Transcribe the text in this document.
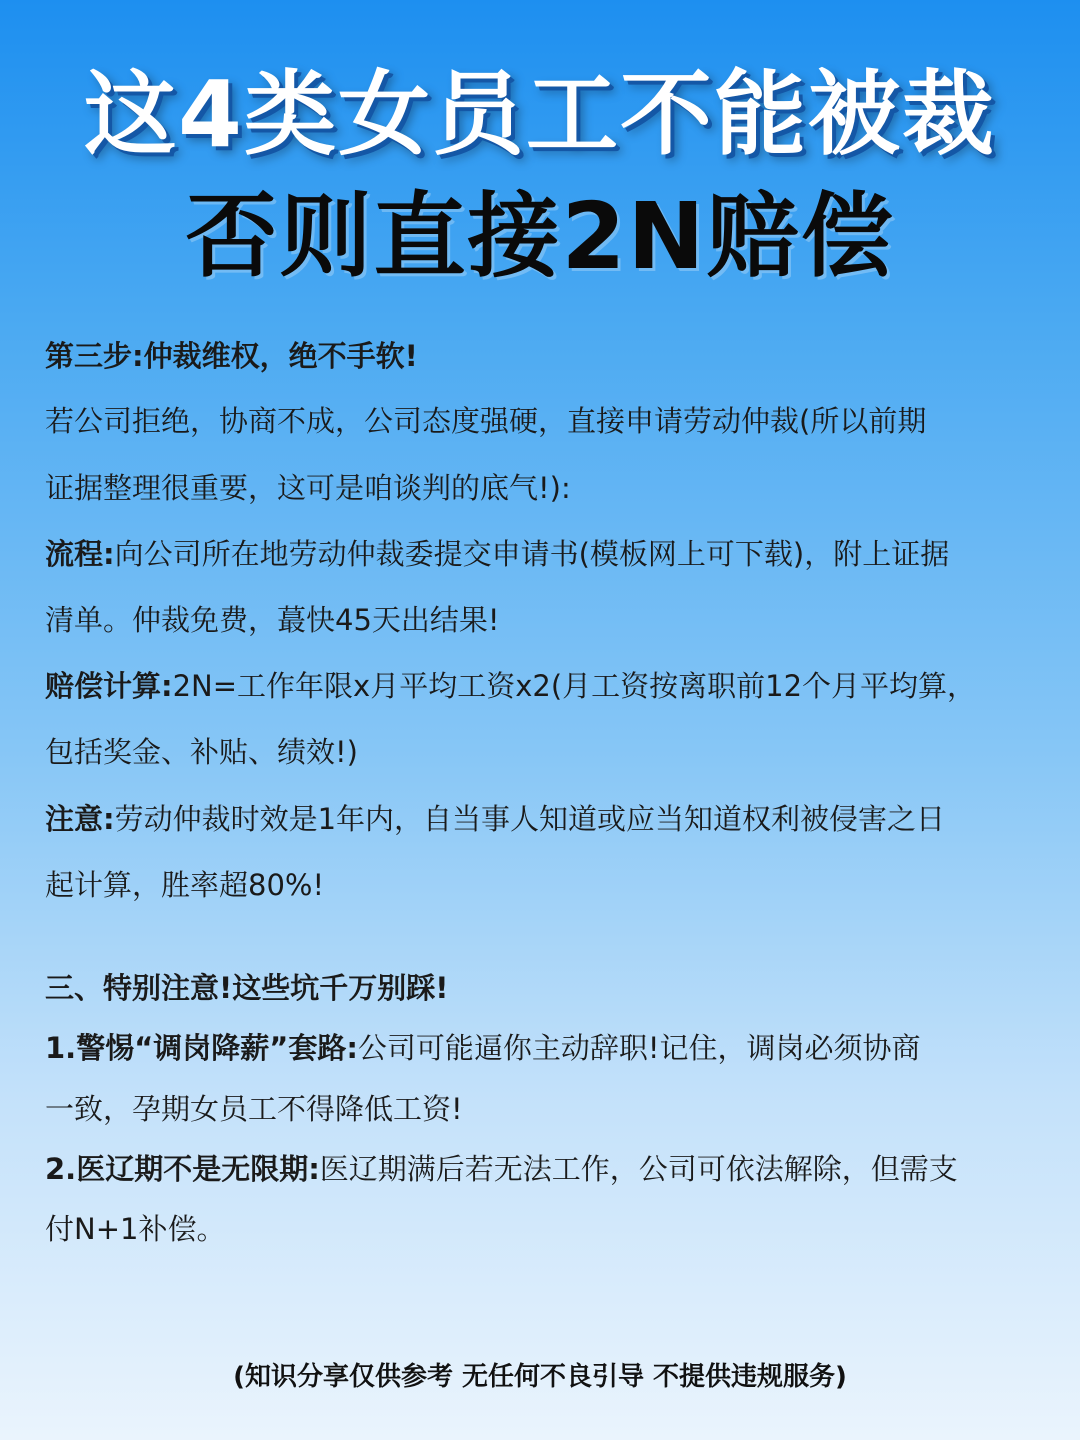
这4类女员工不能被裁
否则直接2N赔偿
第三步:仲裁维权，绝不手软!
若公司拒绝，协商不成，公司态度强硬，直接申请劳动仲裁(所以前期
证据整理很重要，这可是咱谈判的底气!):
流程:向公司所在地劳动仲裁委提交申请书(模板网上可下载)，附上证据
清单。仲裁免费，蕞快45天出结果!
赔偿计算:2N=工作年限x月平均工资x2(月工资按离职前12个月平均算，
包括奖金、补贴、绩效!)
注意:劳动仲裁时效是1年内，自当事人知道或应当知道权利被侵害之日
起计算，胜率超80%!
三、特别注意!这些坑千万别踩!
1.警惕“调岗降薪”套路:公司可能逼你主动辞职!记住，调岗必须协商
一致，孕期女员工不得降低工资!
2.医辽期不是无限期:医辽期满后若无法工作，公司可依法解除，但需支
付N+1补偿。
(知识分享仅供参考 无任何不良引导 不提供违规服务)
